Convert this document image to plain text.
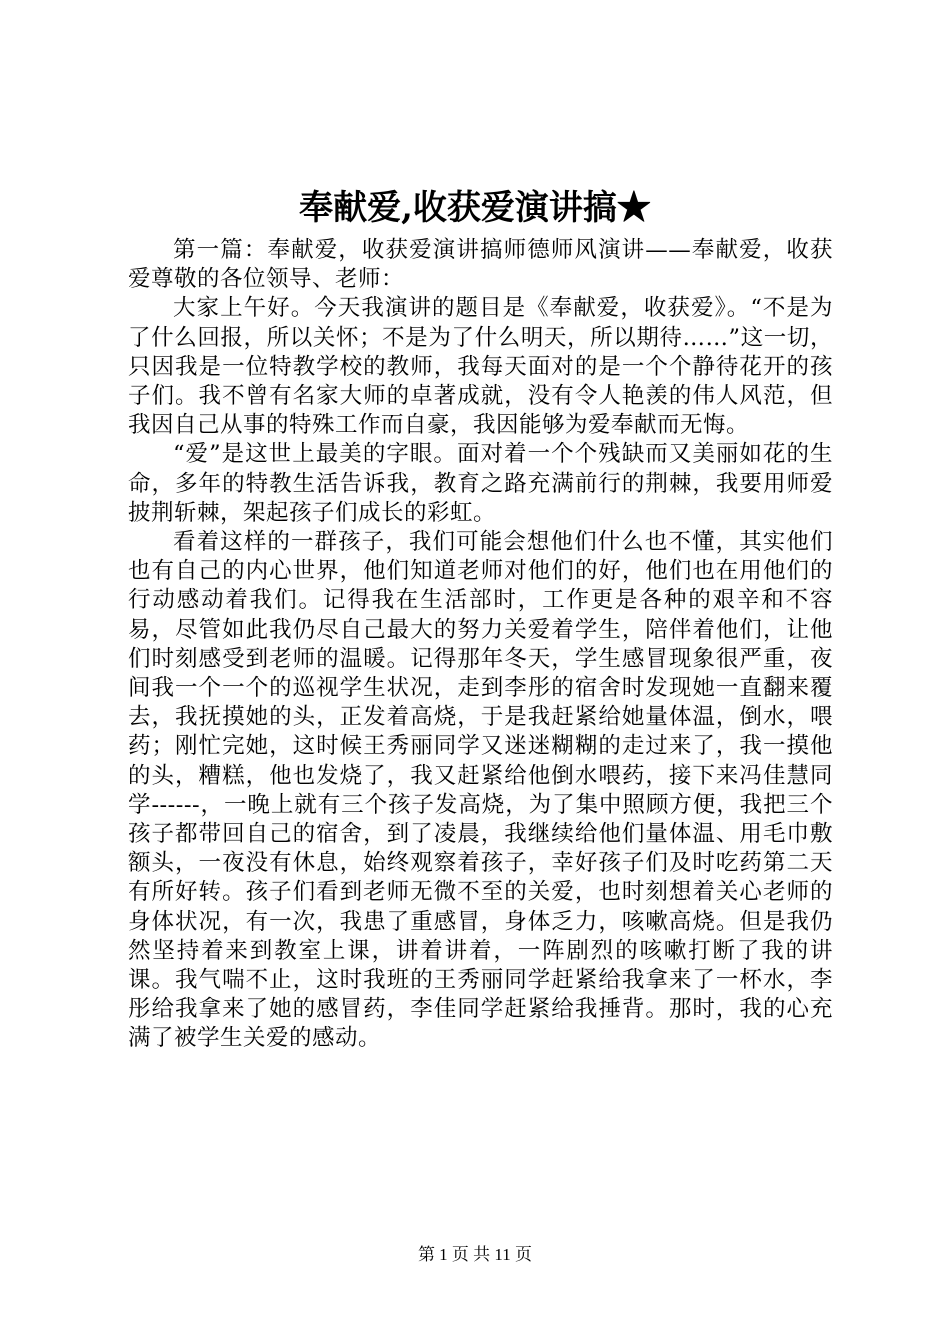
奉献爱,收获爱演讲搞★

第一篇：奉献爱，收获爱演讲搞师德师风演讲——奉献爱，收获爱尊敬的各位领导、老师：

大家上午好。今天我演讲的题目是《奉献爱，收获爱》。“不是为了什么回报，所以关怀；不是为了什么明天，所以期待……”这一切，只因我是一位特教学校的教师，我每天面对的是一个个静待花开的孩子们。我不曾有名家大师的卓著成就，没有令人艳羡的伟人风范，但我因自己从事的特殊工作而自豪，我因能够为爱奉献而无悔。

“爱”是这世上最美的字眼。面对着一个个残缺而又美丽如花的生命，多年的特教生活告诉我，教育之路充满前行的荆棘，我要用师爱披荆斩棘，架起孩子们成长的彩虹。

看着这样的一群孩子，我们可能会想他们什么也不懂，其实他们也有自己的内心世界，他们知道老师对他们的好，他们也在用他们的行动感动着我们。记得我在生活部时，工作更是各种的艰辛和不容易，尽管如此我仍尽自己最大的努力关爱着学生，陪伴着他们，让他们时刻感受到老师的温暖。记得那年冬天，学生感冒现象很严重，夜间我一个一个的巡视学生状况，走到李彤的宿舍时发现她一直翻来覆去，我抚摸她的头，正发着高烧，于是我赶紧给她量体温，倒水，喂药；刚忙完她，这时候王秀丽同学又迷迷糊糊的走过来了，我一摸他的头，糟糕，他也发烧了，我又赶紧给他倒水喂药，接下来冯佳慧同学------，一晚上就有三个孩子发高烧，为了集中照顾方便，我把三个孩子都带回自己的宿舍，到了凌晨，我继续给他们量体温、用毛巾敷额头，一夜没有休息，始终观察着孩子，幸好孩子们及时吃药第二天有所好转。孩子们看到老师无微不至的关爱，也时刻想着关心老师的身体状况，有一次，我患了重感冒，身体乏力，咳嗽高烧。但是我仍然坚持着来到教室上课，讲着讲着，一阵剧烈的咳嗽打断了我的讲课。我气喘不止，这时我班的王秀丽同学赶紧给我拿来了一杯水，李彤给我拿来了她的感冒药，李佳同学赶紧给我捶背。那时，我的心充满了被学生关爱的感动。

第 1 页 共 11 页
